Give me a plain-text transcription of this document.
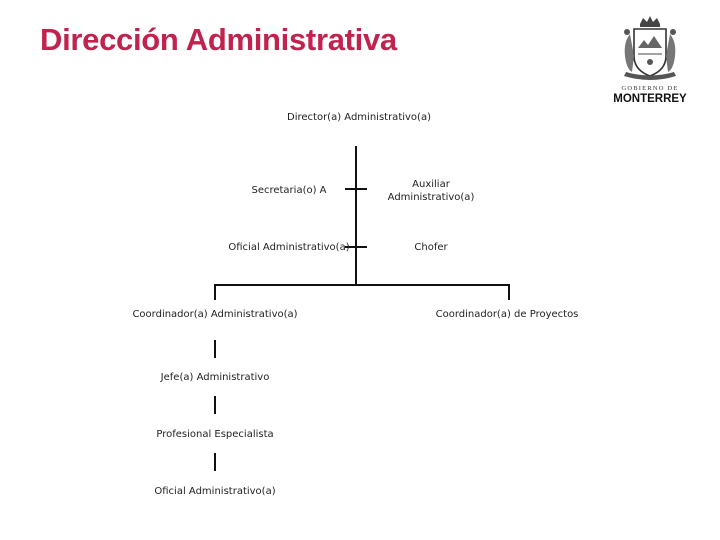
Dirección Administrativa
GOBIERNO DE
MONTERREY
Director(a) Administrativo(a)
Secretaria(o) A
Oficial Administrativo(a)
Auxiliar Administrativo(a)
Chofer
Coordinador(a) Administrativo(a)	Coordinador(a) de Proyectos
Jefe(a) Administrativo
Profesional Especialista
Oficial Administrativo(a)
